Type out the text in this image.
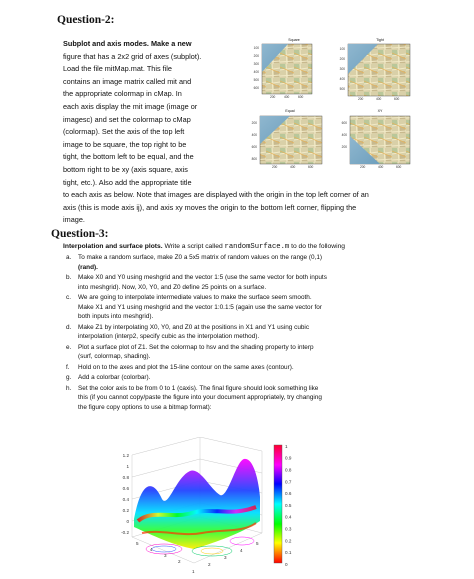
Question-2:
Subplot and axis modes. Make a new
figure that has a 2x2 grid of axes (subplot).
Load the file mitMap.mat. This file
contains an image matrix called mit and
the appropriate colormap in cMap. In
each axis display the mit image (image or
imagesc) and set the colormap to cMap
(colormap). Set the axis of the top left
image to be square, the top right to be
tight, the bottom left to be equal, and the
bottom right to be xy (axis square, axis
tight, etc.). Also add the appropriate title
to each axis as below. Note that images are displayed with the origin in the top left corner of an
axis (this is mode axis ij), and axis xy moves the origin to the bottom left corner, flipping the
image.
Square
100
200
300
400
500
600
200	400	600
Tight
100
200
300
400
500
200	400	600
Equal
200
400
600
800
200	400	600
XY
600
400
200
200	400	600
Question-3:
Interpolation and surface plots. Write a script called randomSurface.m to do the following
a. To make a random surface, make Z0 a 5x5 matrix of random values on the range (0,1)
(rand).
b. Make X0 and Y0 using meshgrid and the vector 1:5 (use the same vector for both inputs
into meshgrid). Now, X0, Y0, and Z0 define 25 points on a surface.
c. We are going to interpolate intermediate values to make the surface seem smooth.
Make X1 and Y1 using meshgrid and the vector 1:0.1:5 (again use the same vector for
both inputs into meshgrid).
d. Make Z1 by interpolating X0, Y0, and Z0 at the positions in X1 and Y1 using cubic
interpolation (interp2, specify cubic as the interpolation method).
e. Plot a surface plot of Z1. Set the colormap to hsv and the shading property to interp
(surf, colormap, shading).
f. Hold on to the axes and plot the 15-line contour on the same axes (contour).
g. Add a colorbar (colorbar).
h. Set the color axis to be from 0 to 1 (caxis). The final figure should look something like
this (if you cannot copy/paste the figure into your document appropriately, try changing
the figure copy options to use a bitmap format):
1.2
1
0.8
0.6
0.4
0.2
0
-0.2
5
4
3
2
1
2
3
4
5
1
0.9
0.8
0.7
0.6
0.5
0.4
0.3
0.2
0.1
0
